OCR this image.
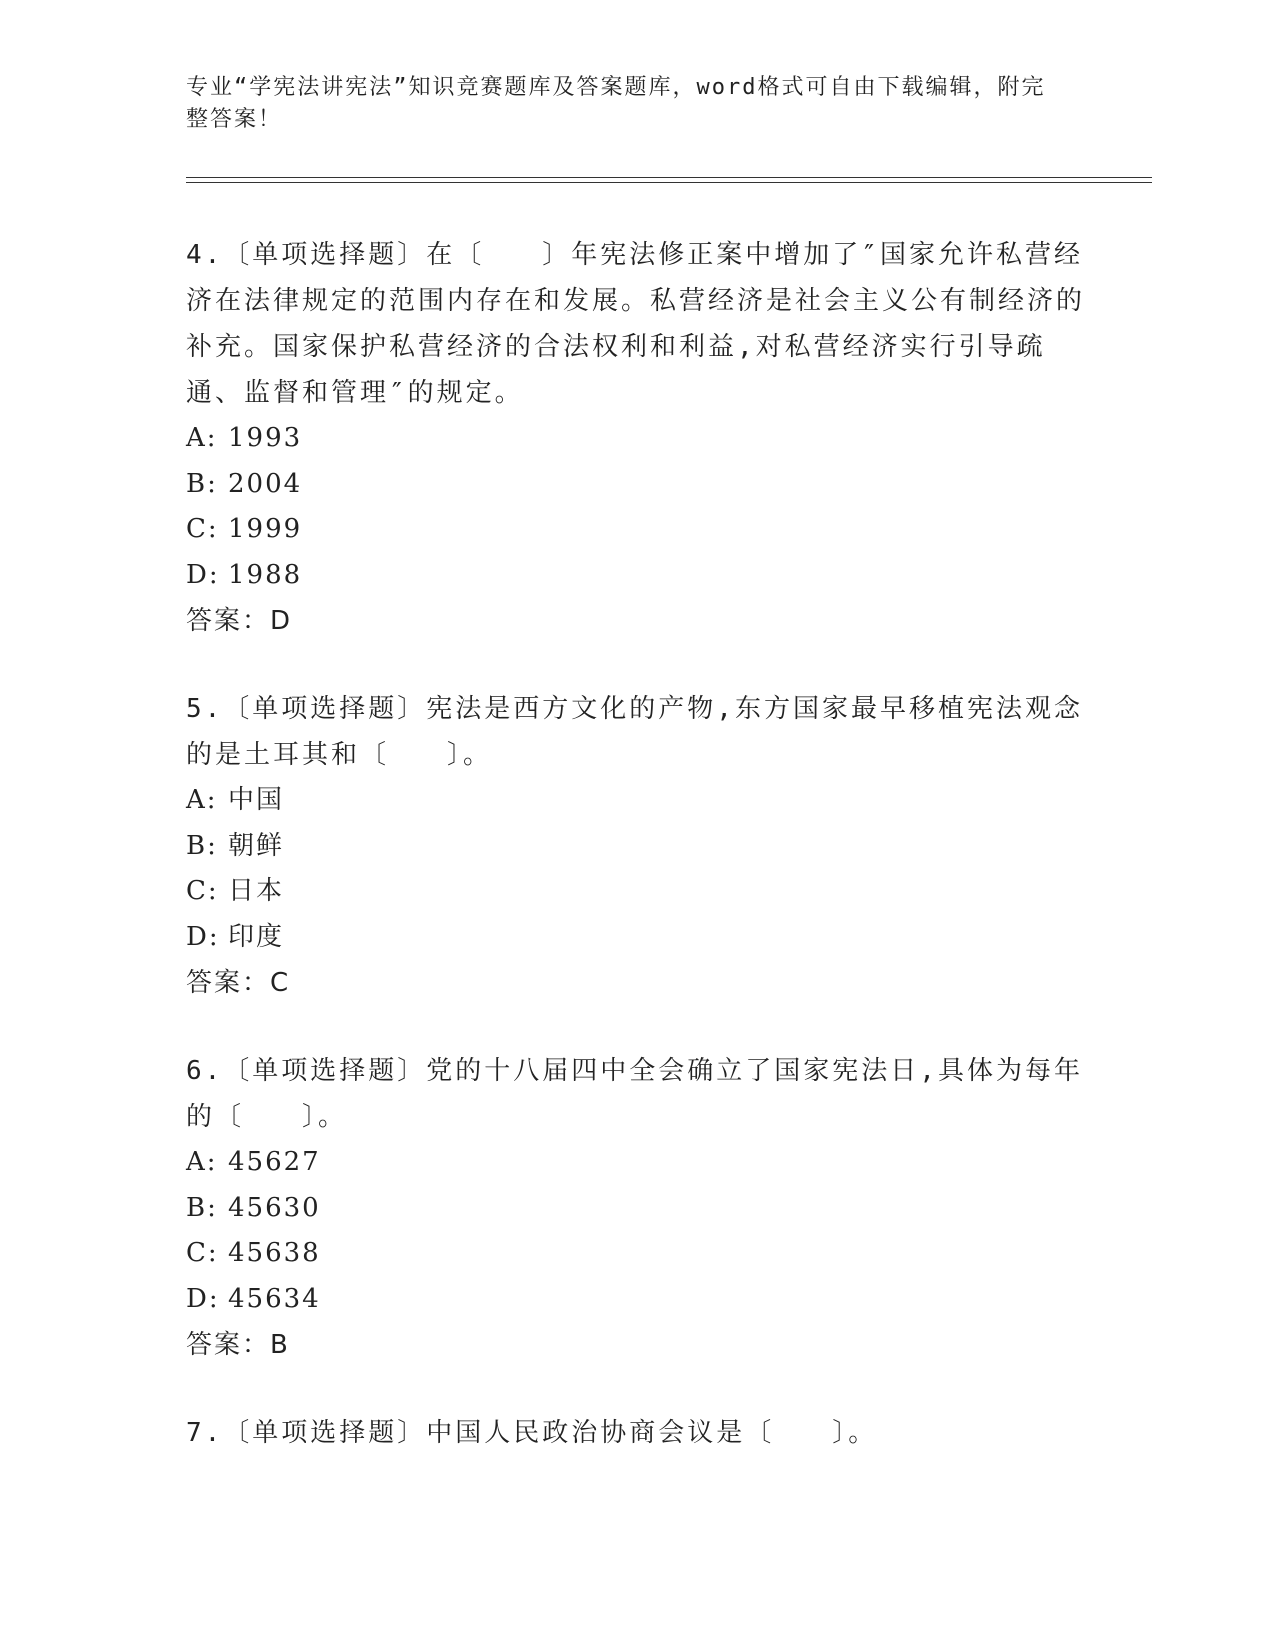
专业“学宪法讲宪法”知识竞赛题库及答案题库，word格式可自由下载编辑，附完整答案！

4.〔单项选择题〕在〔　　〕年宪法修正案中增加了″国家允许私营经济在法律规定的范围内存在和发展。私营经济是社会主义公有制经济的补充。国家保护私营经济的合法权利和利益,对私营经济实行引导疏通、监督和管理″的规定。

A: 1993

B: 2004

C: 1999

D: 1988

答案：D

5.〔单项选择题〕宪法是西方文化的产物,东方国家最早移植宪法观念的是土耳其和〔　　〕。

A: 中国

B: 朝鲜

C: 日本

D: 印度

答案：C

6.〔单项选择题〕党的十八届四中全会确立了国家宪法日,具体为每年的〔　　〕。

A: 45627

B: 45630

C: 45638

D: 45634

答案：B

7.〔单项选择题〕中国人民政治协商会议是〔　　〕。
